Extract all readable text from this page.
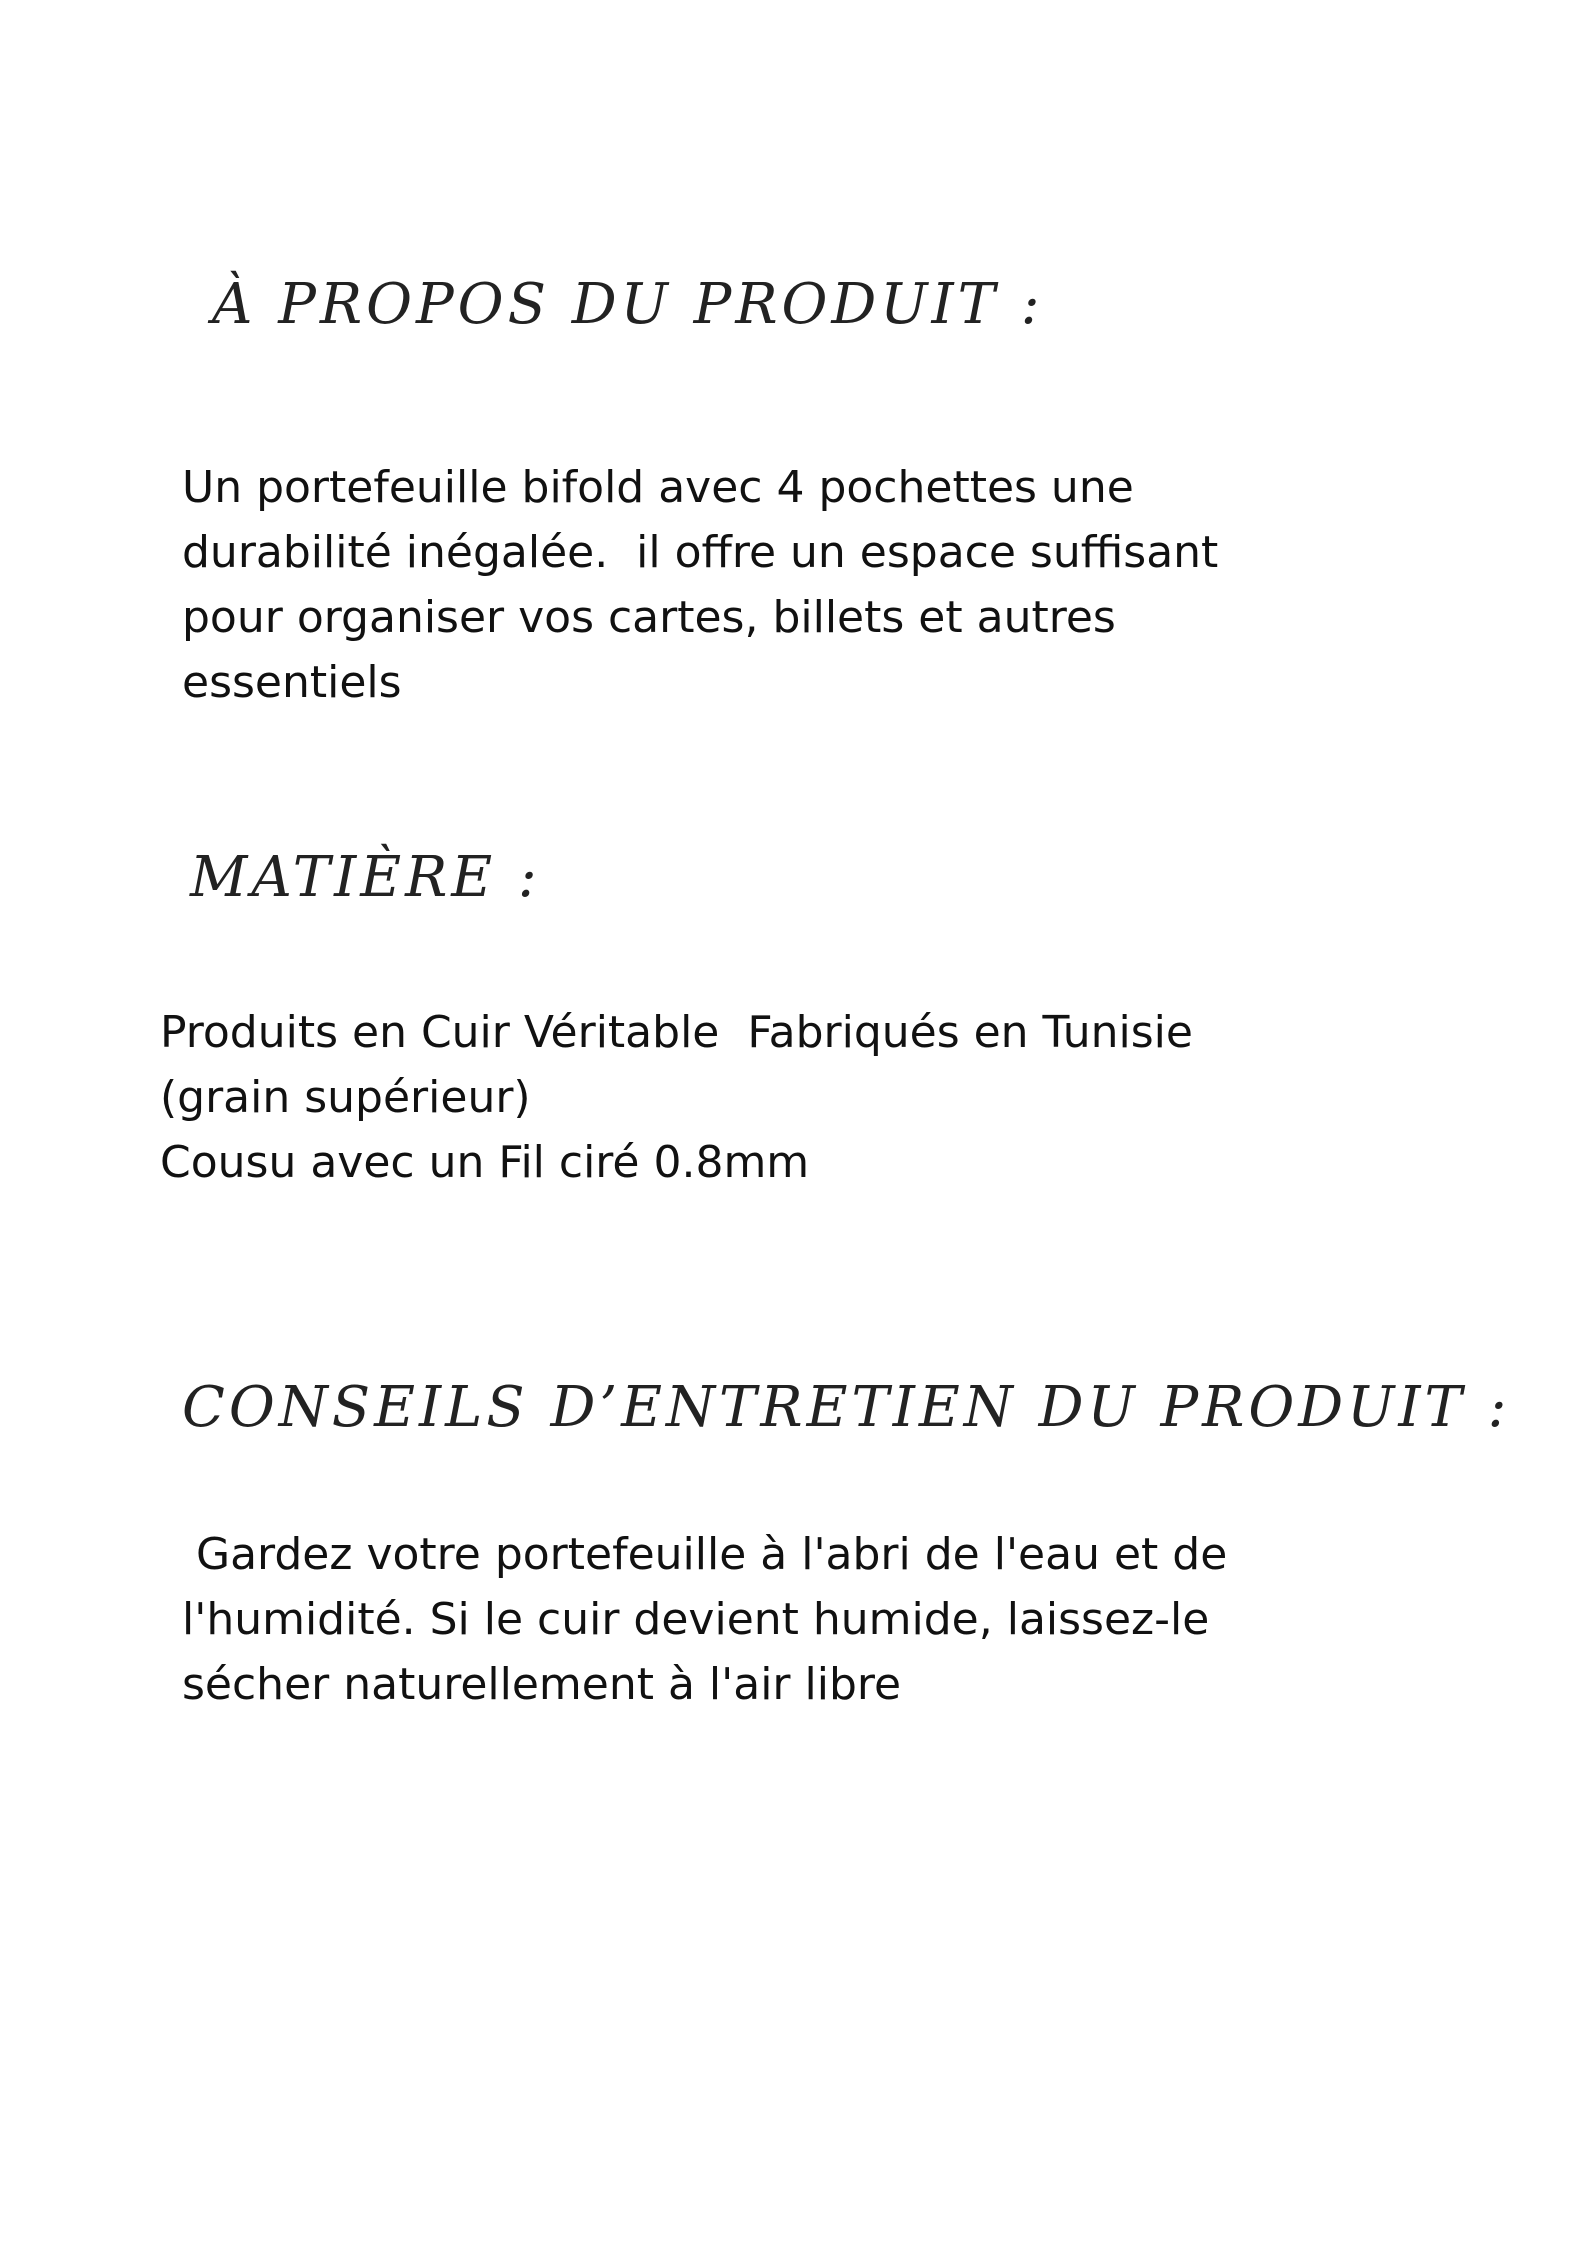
À PROPOS DU PRODUIT :
Un portefeuille bifold avec 4 pochettes une
durabilité inégalée.  il offre un espace suffisant
pour organiser vos cartes, billets et autres
essentiels
MATIÈRE :
Produits en Cuir Véritable  Fabriqués en Tunisie
(grain supérieur)
Cousu avec un Fil ciré 0.8mm
CONSEILS D’ENTRETIEN DU PRODUIT :
Gardez votre portefeuille à l'abri de l'eau et de
l'humidité. Si le cuir devient humide, laissez-le
sécher naturellement à l'air libre
